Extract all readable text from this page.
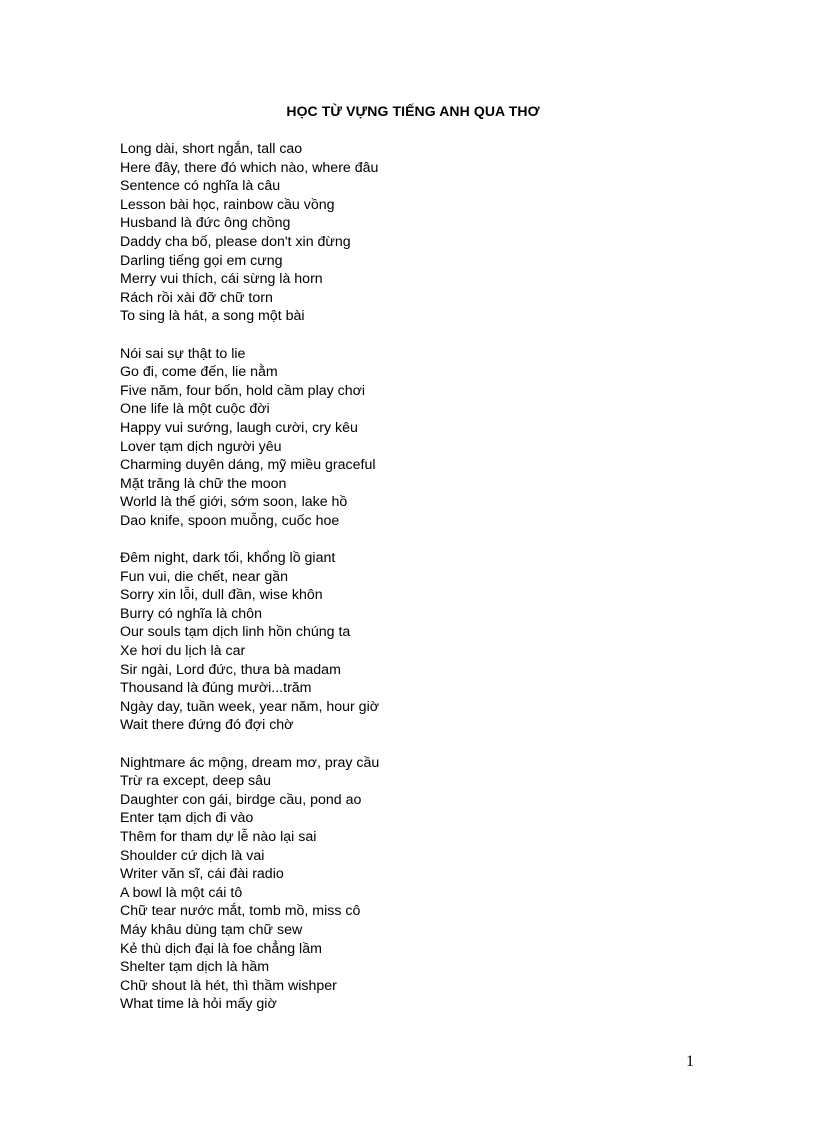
HỌC TỪ VỰNG TIẾNG ANH QUA THƠ
Long dài, short ngắn, tall cao
Here đây, there đó which nào, where đâu
Sentence có nghĩa là câu
Lesson bài học, rainbow cầu vồng
Husband là đức ông chồng
Daddy cha bố, please don't xin đừng
Darling tiếng gọi em cưng
Merry vui thích, cái sừng là horn
Rách rồi xài đỡ chữ torn
To sing là hát, a song một bài
Nói sai sự thật to lie
Go đi, come đến, lie nằm
Five năm, four bốn, hold cầm play chơi
One life là một cuộc đời
Happy vui sướng, laugh cười, cry kêu
Lover tạm dịch người yêu
Charming duyên dáng, mỹ miều graceful
Mặt trăng là chữ the moon
World là thế giới, sớm soon, lake hồ
Dao knife, spoon muỗng, cuốc hoe
Đêm night, dark tối, khổng lồ giant
Fun vui, die chết, near gần
Sorry xin lỗi, dull đần, wise khôn
Burry có nghĩa là chôn
Our souls tạm dịch linh hồn chúng ta
Xe hơi du lịch là car
Sir ngài, Lord đức, thưa bà madam
Thousand là đúng mười...trăm
Ngày day, tuần week, year năm, hour giờ
Wait there đứng đó đợi chờ
Nightmare ác mộng, dream mơ, pray cầu
Trừ ra except, deep sâu
Daughter con gái, birdge cầu, pond ao
Enter tạm dịch đi vào
Thêm for tham dự lễ nào lại sai
Shoulder cứ dịch là vai
Writer văn sĩ, cái đài radio
A bowl là một cái tô
Chữ tear nước mắt, tomb mồ, miss cô
Máy khâu dùng tạm chữ sew
Kẻ thù dịch đại là foe chẳng lầm
Shelter tạm dịch là hầm
Chữ shout là hét, thì thầm wishper
What time là hỏi mấy giờ
1
